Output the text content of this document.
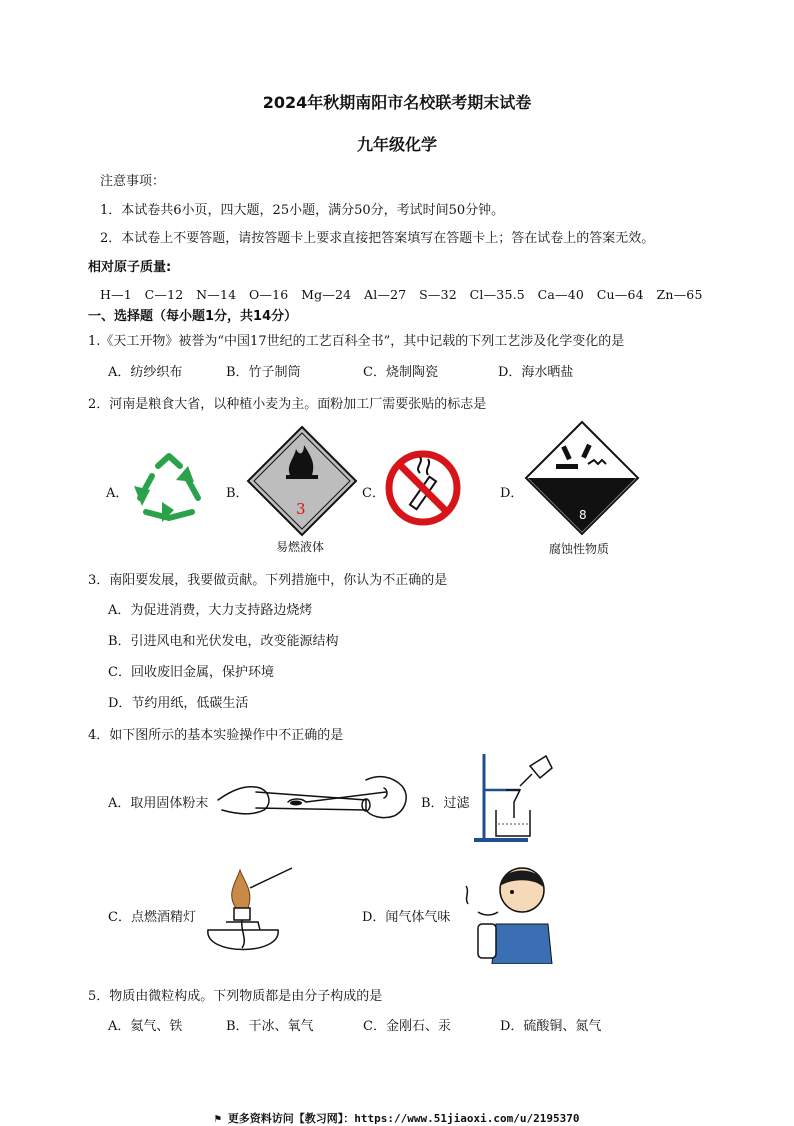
2024年秋期南阳市名校联考期末试卷
九年级化学
注意事项：
1．本试卷共6小页，四大题，25小题，满分50分，考试时间50分钟。
2．本试卷上不要答题，请按答题卡上要求直接把答案填写在答题卡上；答在试卷上的答案无效。
相对原子质量:
H—1　C—12　N—14　O—16　Mg—24　Al—27　S—32　Cl—35.5　Ca—40　Cu—64　Zn—65
一、选择题（每小题1分，共14分）
1.《天工开物》被誉为“中国17世纪的工艺百科全书”，其中记载的下列工艺涉及化学变化的是
A．纺纱织布	B．竹子制筒	C．烧制陶瓷	D．海水晒盐
2．河南是粮食大省，以种植小麦为主。面粉加工厂需要张贴的标志是
A．	B．
3
易燃液体
C．	D．
8
腐蚀性物质
3．南阳要发展，我要做贡献。下列措施中，你认为不正确的是
A．为促进消费，大力支持路边烧烤
B．引进风电和光伏发电，改变能源结构
C．回收废旧金属，保护环境
D．节约用纸，低碳生活
4．如下图所示的基本实验操作中不正确的是
A．取用固体粉末	B．过滤
C．点燃酒精灯	D．闻气体气味
5．物质由微粒构成。下列物质都是由分子构成的是
A．氦气、铁	B．干冰、氧气	C．金刚石、汞	D．硫酸铜、氮气
⚑ 更多资料访问【教习网】：https://www.51jiaoxi.com/u/2195370
